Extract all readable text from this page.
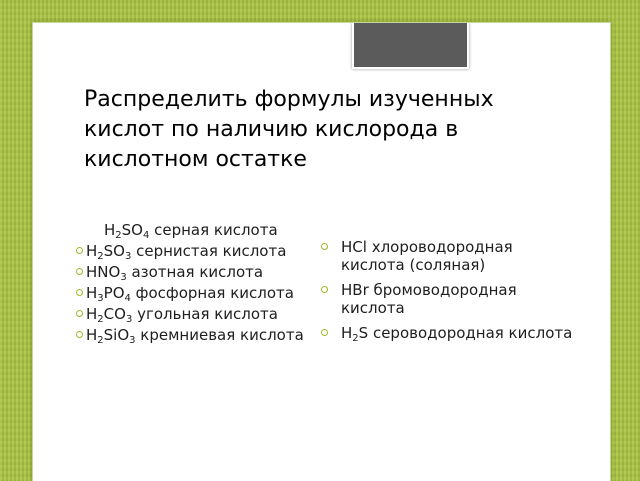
Распределить формулы изученных кислот по наличию кислорода в кислотном остатке
$H_2SO_4$ серная кислота
$H_2SO_3$ сернистая кислота
$HNO_3$ азотная кислота
$H_3PO_4$ фосфорная кислота
$H_2CO_3$ угольная кислота
$H_2SiO_3$ кремниевая кислота
HCl хлороводородная кислота (соляная)
HBr бромоводородная кислота
$H_2S$ сероводородная кислота
